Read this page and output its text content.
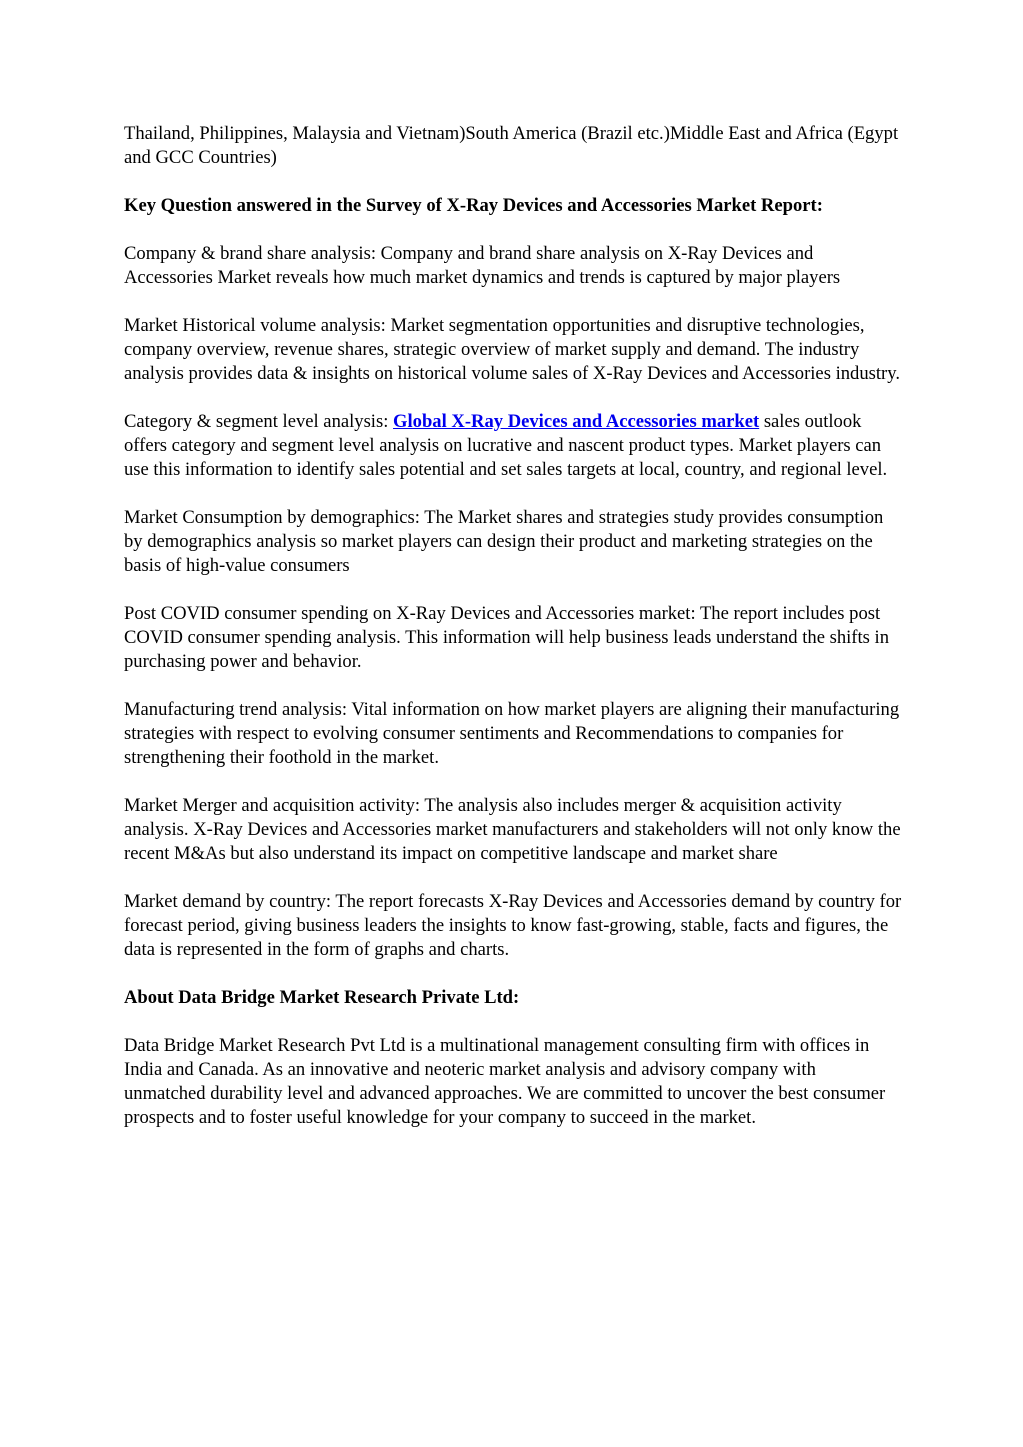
Thailand, Philippines, Malaysia and Vietnam)South America (Brazil etc.)Middle East and Africa (Egypt and GCC Countries)

Key Question answered in the Survey of X-Ray Devices and Accessories Market Report:

Company & brand share analysis: Company and brand share analysis on X-Ray Devices and Accessories Market reveals how much market dynamics and trends is captured by major players

Market Historical volume analysis: Market segmentation opportunities and disruptive technologies, company overview, revenue shares, strategic overview of market supply and demand. The industry analysis provides data & insights on historical volume sales of X-Ray Devices and Accessories industry.

Category & segment level analysis: Global X-Ray Devices and Accessories market sales outlook offers category and segment level analysis on lucrative and nascent product types. Market players can use this information to identify sales potential and set sales targets at local, country, and regional level.

Market Consumption by demographics: The Market shares and strategies study provides consumption by demographics analysis so market players can design their product and marketing strategies on the basis of high-value consumers

Post COVID consumer spending on X-Ray Devices and Accessories market: The report includes post COVID consumer spending analysis. This information will help business leads understand the shifts in purchasing power and behavior.

Manufacturing trend analysis: Vital information on how market players are aligning their manufacturing strategies with respect to evolving consumer sentiments and Recommendations to companies for strengthening their foothold in the market.

Market Merger and acquisition activity: The analysis also includes merger & acquisition activity analysis. X-Ray Devices and Accessories market manufacturers and stakeholders will not only know the recent M&As but also understand its impact on competitive landscape and market share

Market demand by country: The report forecasts X-Ray Devices and Accessories demand by country for forecast period, giving business leaders the insights to know fast-growing, stable, facts and figures, the data is represented in the form of graphs and charts.

About Data Bridge Market Research Private Ltd:

Data Bridge Market Research Pvt Ltd is a multinational management consulting firm with offices in India and Canada. As an innovative and neoteric market analysis and advisory company with unmatched durability level and advanced approaches. We are committed to uncover the best consumer prospects and to foster useful knowledge for your company to succeed in the market.
